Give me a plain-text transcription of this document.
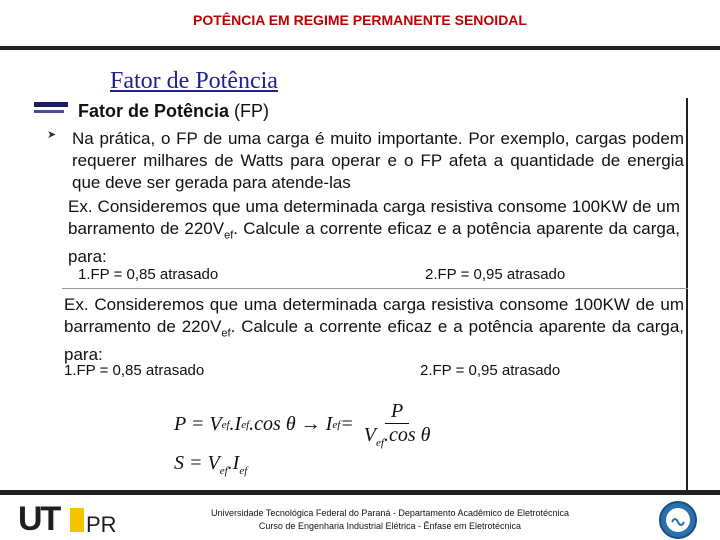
POTÊNCIA EM REGIME PERMANENTE SENOIDAL
Fator de Potência
Fator de Potência (FP)
➤ Na prática, o FP de uma carga é muito importante. Por exemplo, cargas podem requerer milhares de Watts para operar e o FP afeta a quantidade de energia que deve ser gerada para atende-las
Ex. Consideremos que uma determinada carga resistiva consome 100KW de um barramento de $220V_{ef}$. Calcule a corrente eficaz e a potência aparente da carga, para:
1.FP = 0,85 atrasado	2.FP = 0,95 atrasado
Ex. Consideremos que uma determinada carga resistiva consome 100KW de um barramento de $220V_{ef}$. Calcule a corrente eficaz e a potência aparente da carga, para:
1.FP = 0,85 atrasado	2.FP = 0,95 atrasado
P = V ef .I ef .cos θ → I ef = $\frac{P}{V_{ef}.\cos \theta}$
$S = V_{ef}.I_{ef}$
UT PR	Universidade Tecnológica Federal do Paraná - Departamento Acadêmico de Eletrotécnica
Curso de Engenharia Industrial Elétrica - Ênfase em Eletrotécnica
